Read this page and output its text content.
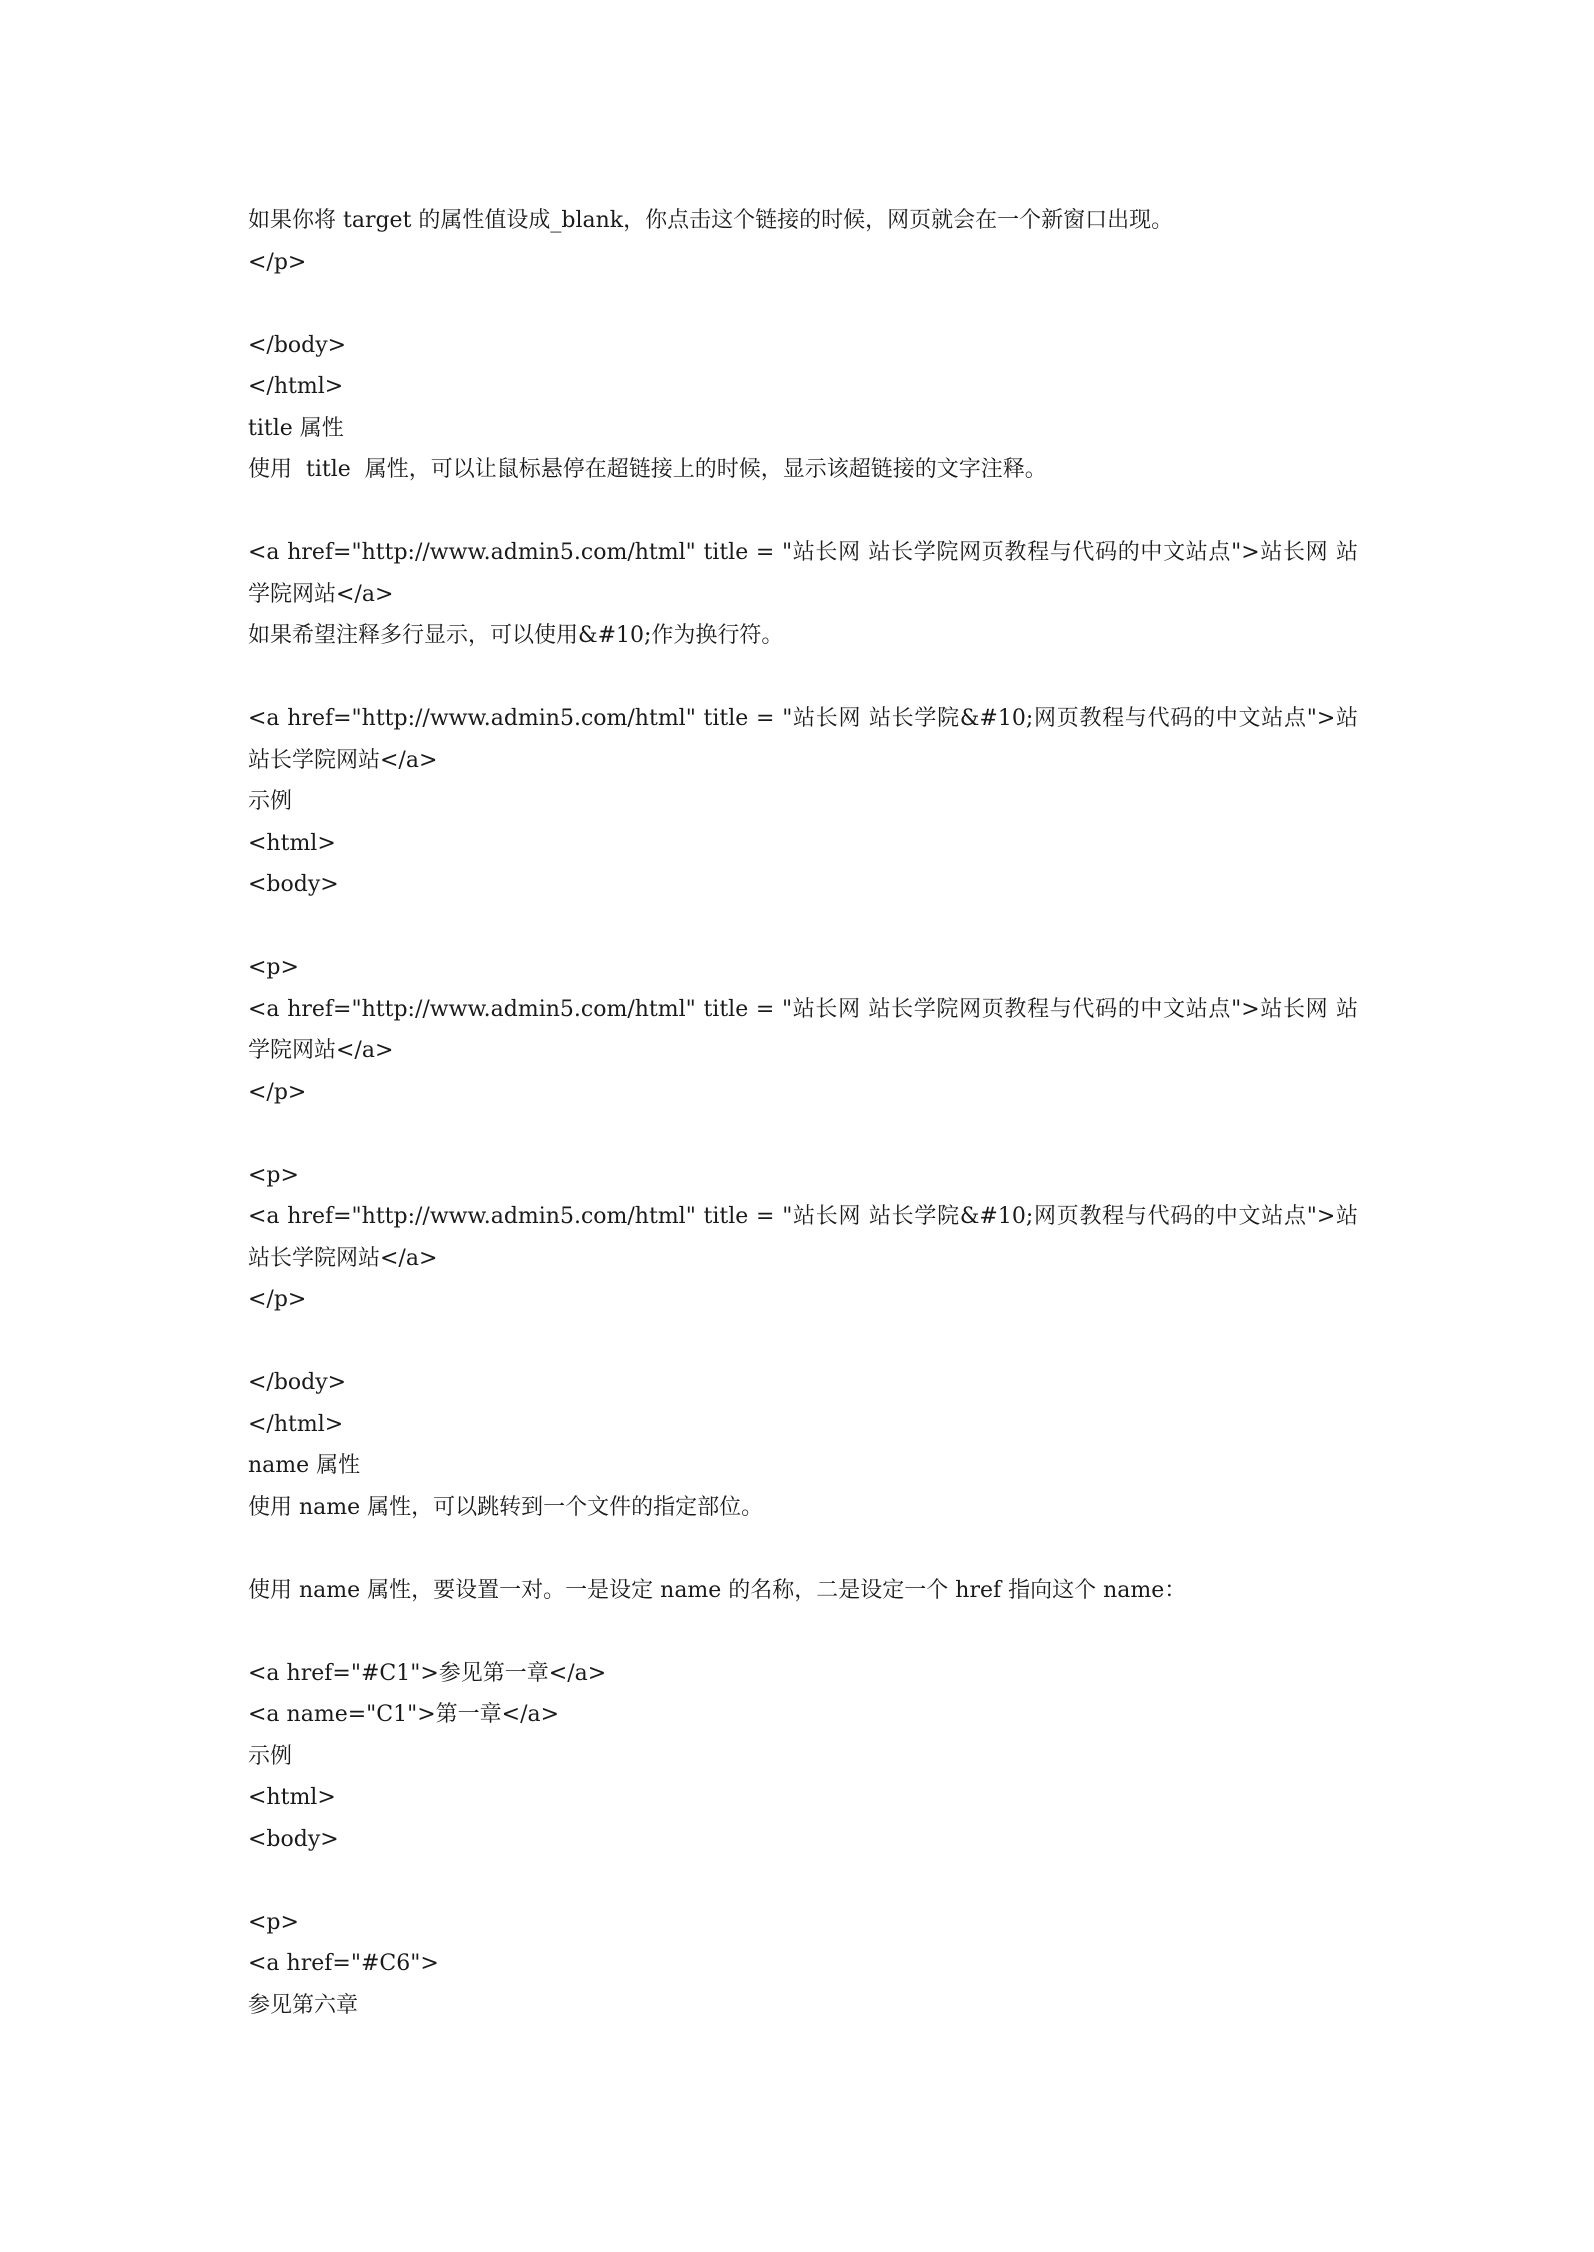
如果你将 target 的属性值设成_blank，你点击这个链接的时候，网页就会在一个新窗口出现。
</p>
</body>
</html>
title 属性
使用  title  属性，可以让鼠标悬停在超链接上的时候，显示该超链接的文字注释。
<a href="http://www.admin5.com/html" title = "站长网 站长学院网页教程与代码的中文站点">站长网 站
学院网站</a>
如果希望注释多行显示，可以使用&#10;作为换行符。
<a href="http://www.admin5.com/html" title = "站长网 站长学院&#10;网页教程与代码的中文站点">站
站长学院网站</a>
示例
<html>
<body>
<p>
<a href="http://www.admin5.com/html" title = "站长网 站长学院网页教程与代码的中文站点">站长网 站
学院网站</a>
</p>
<p>
<a href="http://www.admin5.com/html" title = "站长网 站长学院&#10;网页教程与代码的中文站点">站
站长学院网站</a>
</p>
</body>
</html>
name 属性
使用 name 属性，可以跳转到一个文件的指定部位。
使用 name 属性，要设置一对。一是设定 name 的名称，二是设定一个 href 指向这个 name：
<a href="#C1">参见第一章</a>
<a name="C1">第一章</a>
示例
<html>
<body>
<p>
<a href="#C6">
参见第六章
